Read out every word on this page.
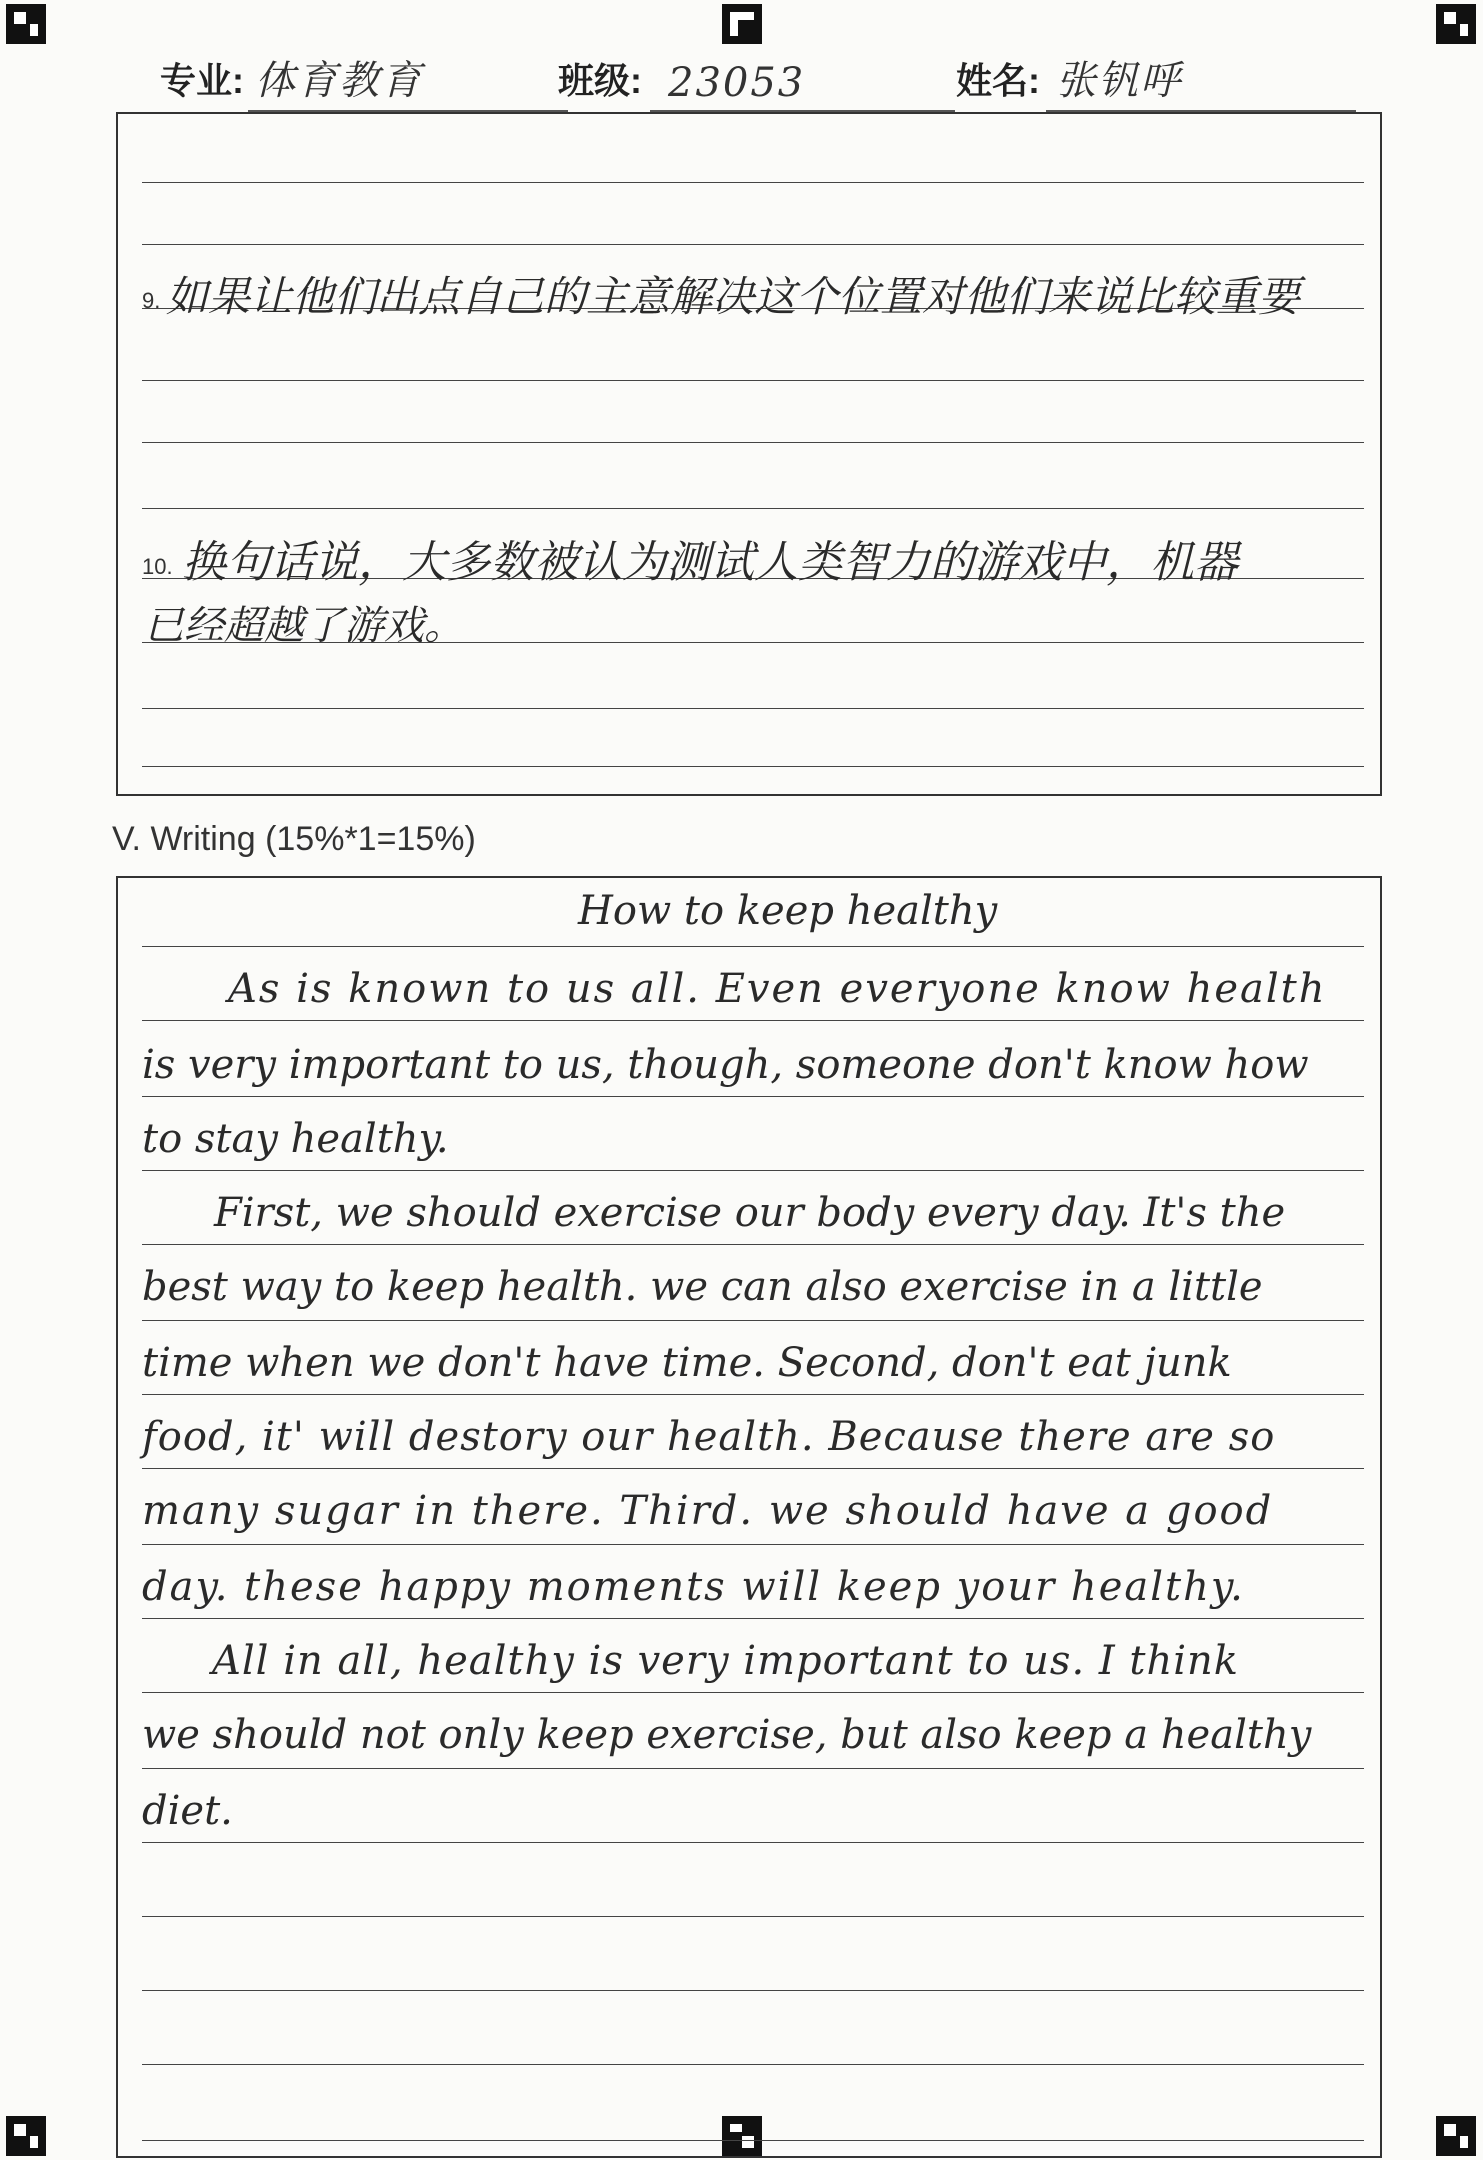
专业: 体育教育	班级: 23053	姓名: 张钒呼
9. 如果让他们出点自己的主意解决这个位置对他们来说比较重要
10. 换句话说，大多数被认为测试人类智力的游戏中，机器
已经超越了游戏。
V. Writing (15%*1=15%)
How to keep healthy
As is known to us all. Even everyone know health
is very important to us, though, someone don't know how
to stay healthy.
First, we should exercise our body every day. It's the
best way to keep health. we can also exercise in a little
time when we don't have time. Second, don't eat junk
food, it' will destory our health. Because there are so
many sugar in there. Third. we should have a good
day. these happy moments will keep your healthy.
All in all, healthy is very important to us. I think
we should not only keep exercise, but also keep a healthy
diet.
